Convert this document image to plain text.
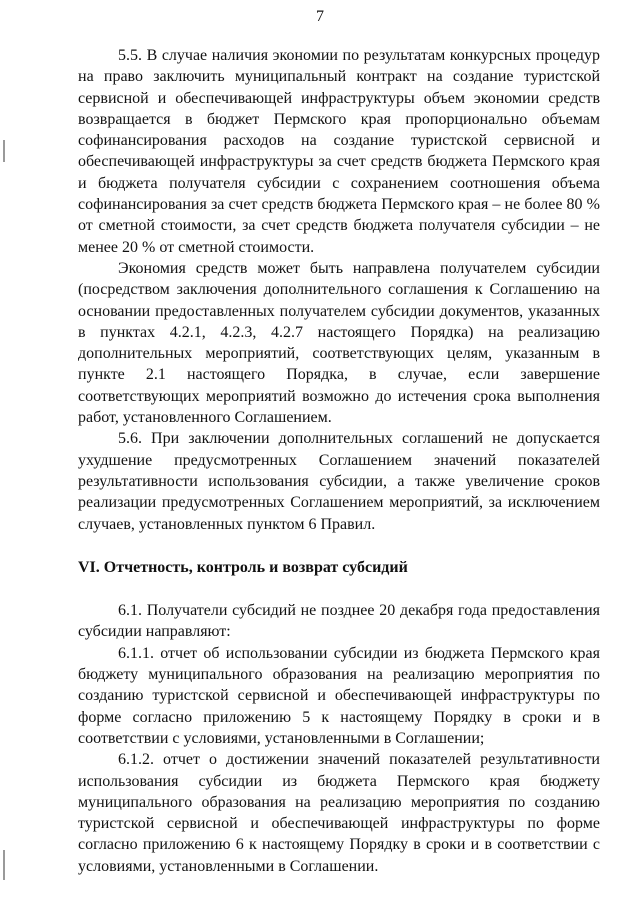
7

5.5. В случае наличия экономии по результатам конкурсных процедур на право заключить муниципальный контракт на создание туристской сервисной и обеспечивающей инфраструктуры объем экономии средств возвращается в бюджет Пермского края пропорционально объемам софинансирования расходов на создание туристской сервисной и обеспечивающей инфраструктуры за счет средств бюджета Пермского края и бюджета получателя субсидии с сохранением соотношения объема софинансирования за счет средств бюджета Пермского края – не более 80 % от сметной стоимости, за счет средств бюджета получателя субсидии – не менее 20 % от сметной стоимости.

Экономия средств может быть направлена получателем субсидии (посредством заключения дополнительного соглашения к Соглашению на основании предоставленных получателем субсидии документов, указанных в пунктах 4.2.1, 4.2.3, 4.2.7 настоящего Порядка) на реализацию дополнительных мероприятий, соответствующих целям, указанным в пункте 2.1 настоящего Порядка, в случае, если завершение соответствующих мероприятий возможно до истечения срока выполнения работ, установленного Соглашением.

5.6. При заключении дополнительных соглашений не допускается ухудшение предусмотренных Соглашением значений показателей результативности использования субсидии, а также увеличение сроков реализации предусмотренных Соглашением мероприятий, за исключением случаев, установленных пунктом 6 Правил.

VI. Отчетность, контроль и возврат субсидий

6.1. Получатели субсидий не позднее 20 декабря года предоставления субсидии направляют:

6.1.1. отчет об использовании субсидии из бюджета Пермского края бюджету муниципального образования на реализацию мероприятия по созданию туристской сервисной и обеспечивающей инфраструктуры по форме согласно приложению 5 к настоящему Порядку в сроки и в соответствии с условиями, установленными в Соглашении;

6.1.2. отчет о достижении значений показателей результативности использования субсидии из бюджета Пермского края бюджету муниципального образования на реализацию мероприятия по созданию туристской сервисной и обеспечивающей инфраструктуры по форме согласно приложению 6 к настоящему Порядку в сроки и в соответствии с условиями, установленными в Соглашении.
